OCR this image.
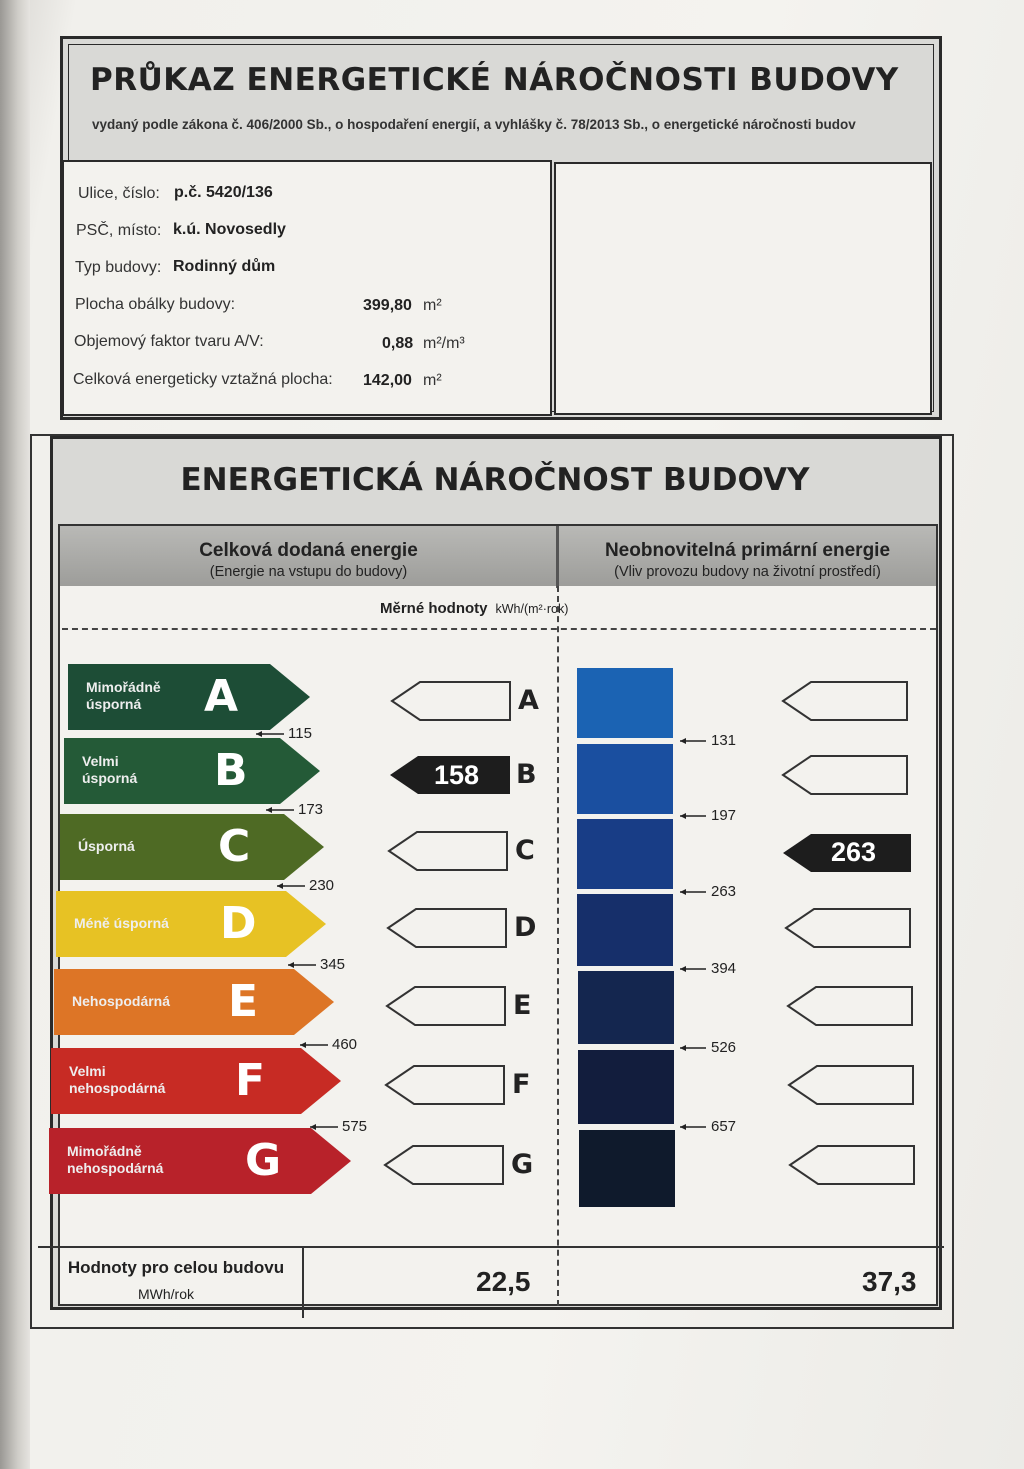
PRŮKAZ ENERGETICKÉ NÁROČNOSTI BUDOVY
vydaný podle zákona č. 406/2000 Sb., o hospodaření energií, a vyhlášky č. 78/2013 Sb., o energetické náročnosti budov
Ulice, číslo: p.č. 5420/136
PSČ, místo: k.ú. Novosedly
Typ budovy: Rodinný dům
Plocha obálky budovy:	399,80 m²
Objemový faktor tvaru A/V:	0,88 m²/m³
Celková energeticky vztažná plocha: 142,00 m²
ENERGETICKÁ NÁROČNOST BUDOVY
Celková dodaná energie
(Energie na vstupu do budovy)
Neobnovitelná primární energie
(Vliv provozu budovy na životní prostředí)
Měrné hodnoty kWh/(m²·rok)
Mimořádně
úsporná	A	A
Velmi
úsporná B	158 B
Úsporná C	C	263
Méně úsporná D	D
Nehospodárná E	E
Velmi
nehospodárná F	F
Mimořádně
nehospodárná G	G
115
173
230
345
460
575
131
197
263
394
526
657
Hodnoty pro celou budovu
MWh/rok	22,5	37,3
